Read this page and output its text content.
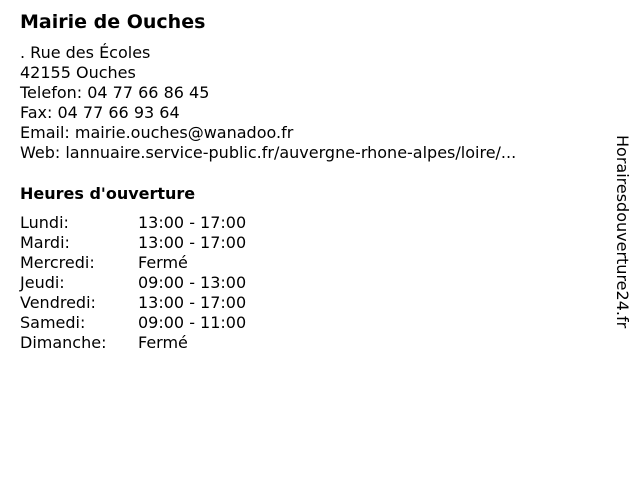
Mairie de Ouches
. Rue des Écoles
42155 Ouches
Telefon: 04 77 66 86 45
Fax: 04 77 66 93 64
Email: mairie.ouches@wanadoo.fr
Web: lannuaire.service-public.fr/auvergne-rhone-alpes/loire/...
Heures d'ouverture
Lundi:	13:00 - 17:00
Mardi:	13:00 - 17:00
Mercredi:	Fermé
Jeudi:	09:00 - 13:00
Vendredi:	13:00 - 17:00
Samedi:	09:00 - 11:00
Dimanche:	Fermé
Horairesdouverture24.fr
